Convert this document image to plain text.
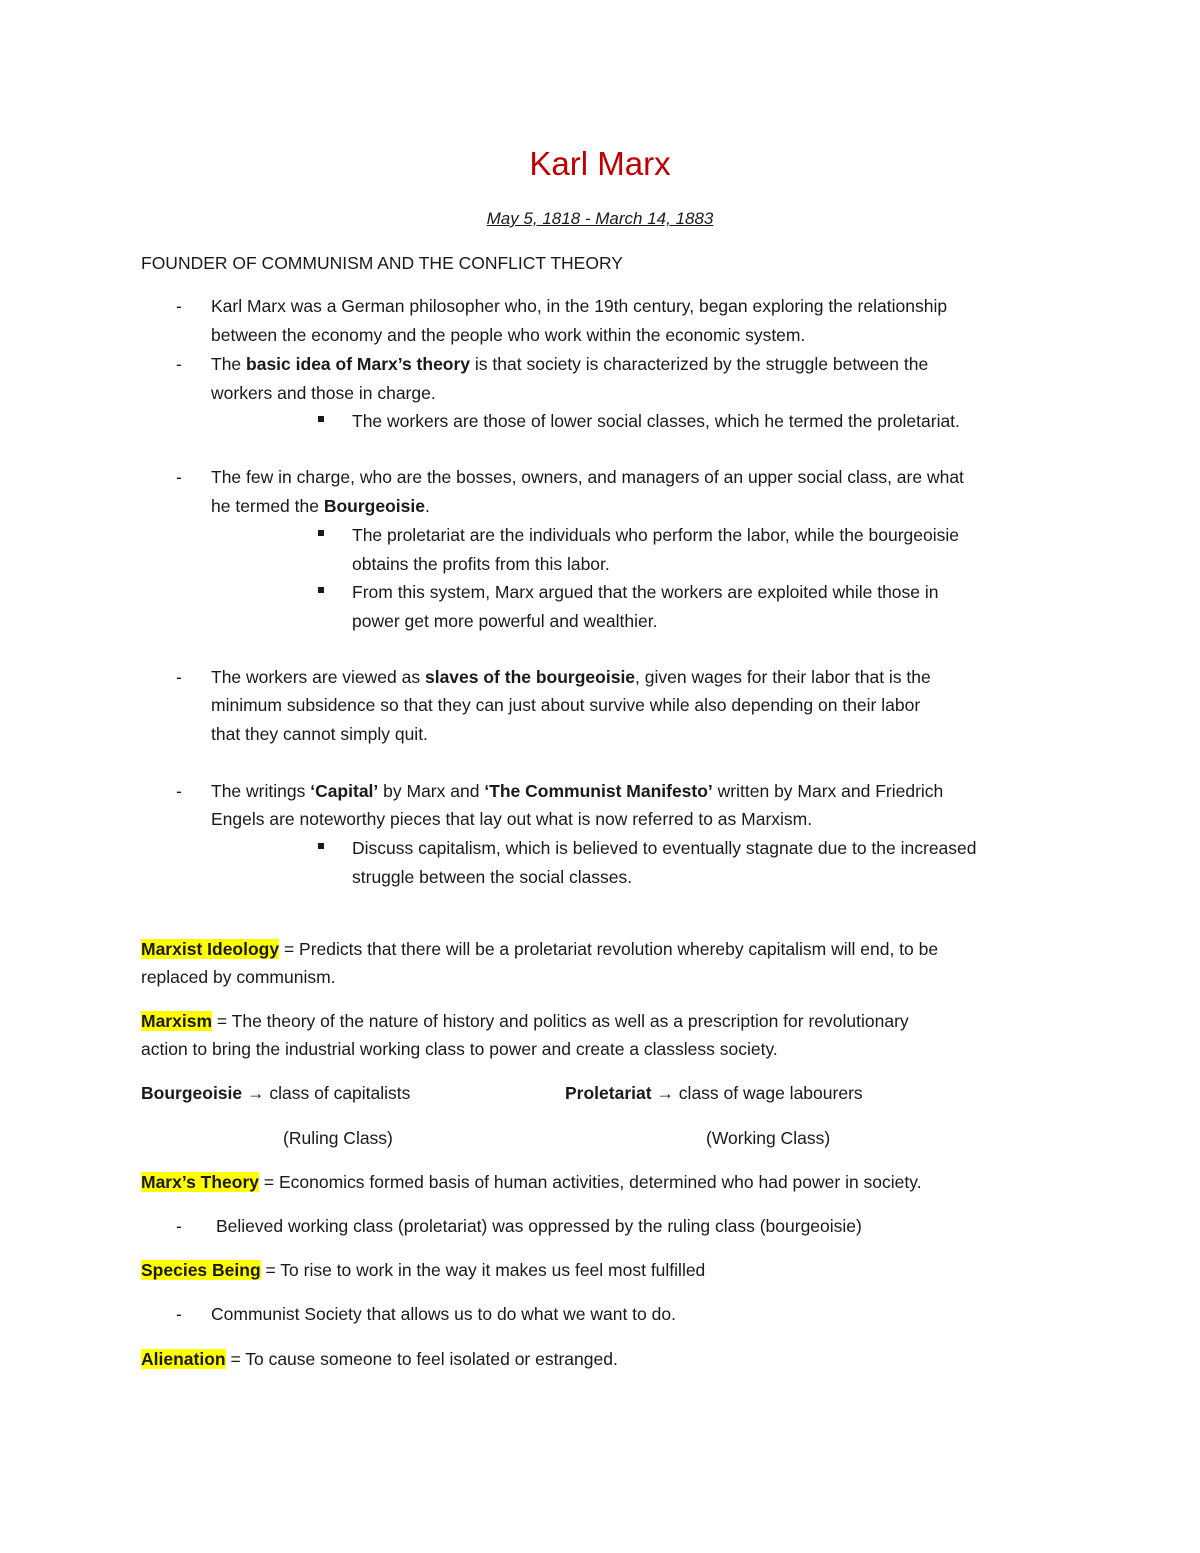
Karl Marx
May 5, 1818 - March 14, 1883
FOUNDER OF COMMUNISM AND THE CONFLICT THEORY
- Karl Marx was a German philosopher who, in the 19th century, began exploring the relationship
between the economy and the people who work within the economic system.
- The basic idea of Marx’s theory is that society is characterized by the struggle between the
workers and those in charge.
The workers are those of lower social classes, which he termed the proletariat.
- The few in charge, who are the bosses, owners, and managers of an upper social class, are what
he termed the Bourgeoisie.
The proletariat are the individuals who perform the labor, while the bourgeoisie
obtains the profits from this labor.
From this system, Marx argued that the workers are exploited while those in
power get more powerful and wealthier.
- The workers are viewed as slaves of the bourgeoisie, given wages for their labor that is the
minimum subsidence so that they can just about survive while also depending on their labor
that they cannot simply quit.
- The writings ‘Capital’ by Marx and ‘The Communist Manifesto’ written by Marx and Friedrich
Engels are noteworthy pieces that lay out what is now referred to as Marxism.
Discuss capitalism, which is believed to eventually stagnate due to the increased
struggle between the social classes.
Marxist Ideology = Predicts that there will be a proletariat revolution whereby capitalism will end, to be
replaced by communism.
Marxism = The theory of the nature of history and politics as well as a prescription for revolutionary
action to bring the industrial working class to power and create a classless society.
Bourgeoisie → class of capitalists	Proletariat → class of wage labourers
(Ruling Class)	(Working Class)
Marx’s Theory = Economics formed basis of human activities, determined who had power in society.
- Believed working class (proletariat) was oppressed by the ruling class (bourgeoisie)
Species Being = To rise to work in the way it makes us feel most fulfilled
- Communist Society that allows us to do what we want to do.
Alienation = To cause someone to feel isolated or estranged.
